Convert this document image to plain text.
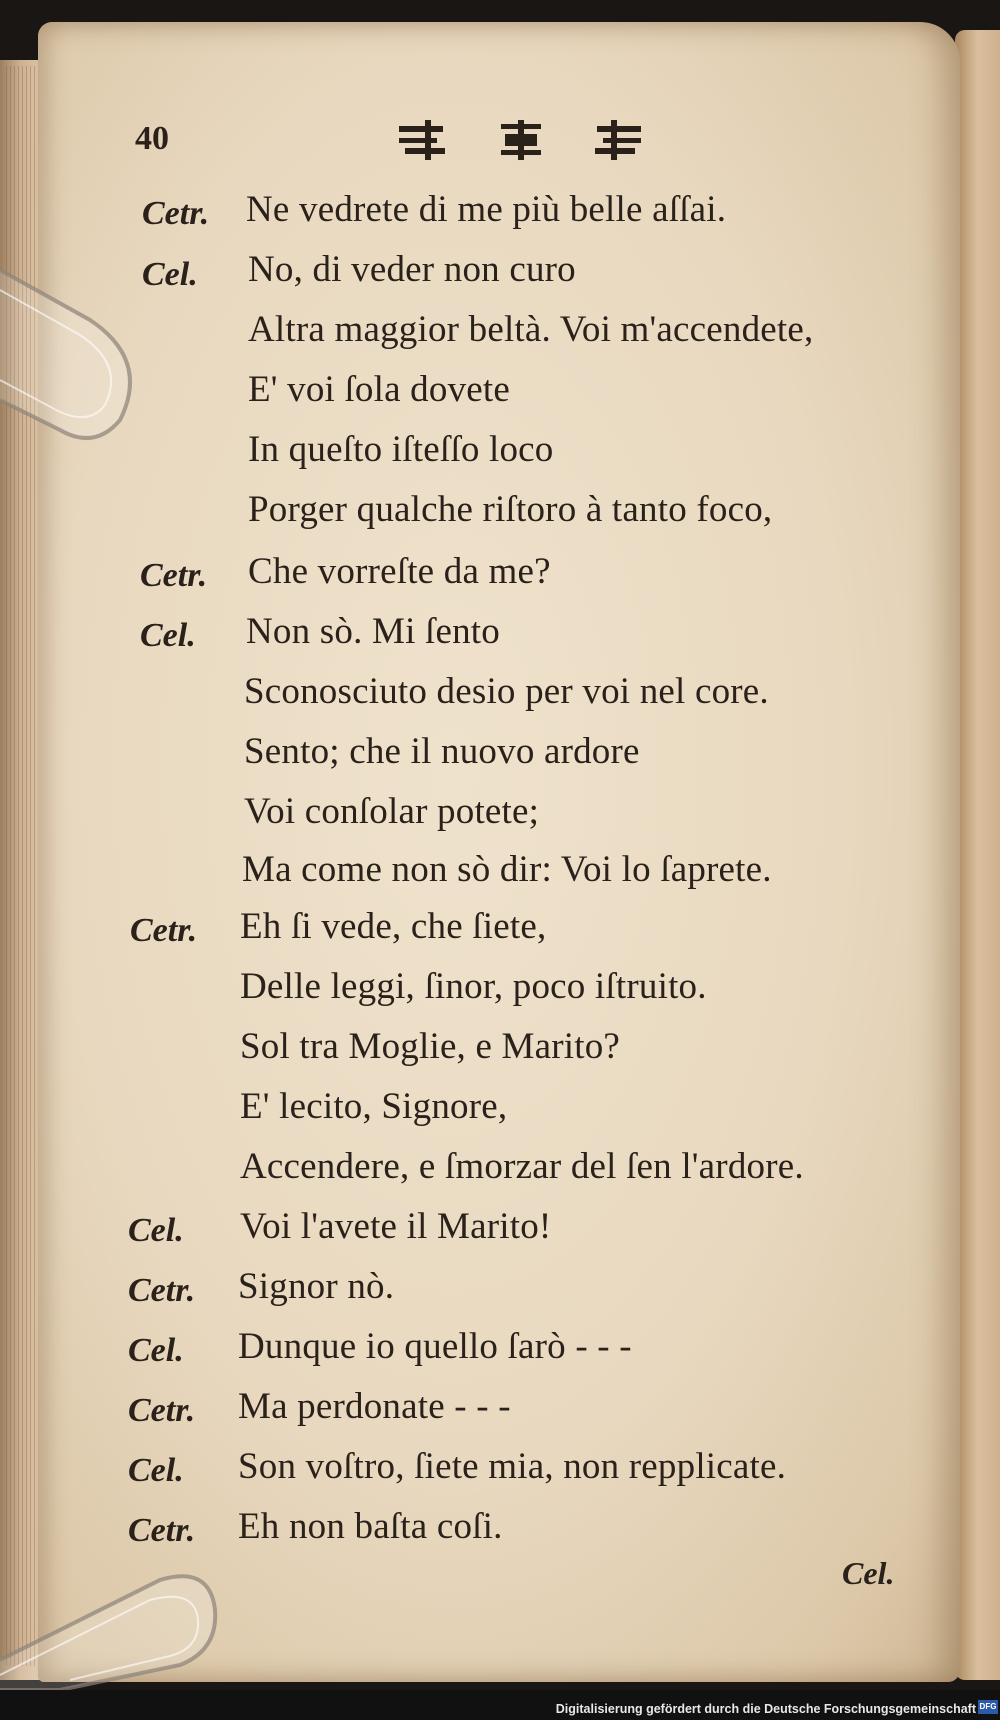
40
Cetr. Ne vedrete di me più belle aſſai.
Cel. No, di veder non curo
Altra maggior beltà. Voi m'accendete,
E' voi ſola dovete
In queſto iſteſſo loco
Porger qualche riſtoro à tanto foco,
Cetr. Che vorreſte da me?
Cel. Non sò. Mi ſento
Sconosciuto desio per voi nel core.
Sento; che il nuovo ardore
Voi conſolar potete;
Ma come non sò dir: Voi lo ſaprete.
Cetr. Eh ſi vede, che ſiete,
Delle leggi, ſinor, poco iſtruito.
Sol tra Moglie, e Marito?
E' lecito, Signore,
Accendere, e ſmorzar del ſen l'ardore.
Cel. Voi l'avete il Marito!
Cetr. Signor nò.
Cel. Dunque io quello ſarò - - -
Cetr. Ma perdonate - - -
Cel. Son voſtro, ſiete mia, non repplicate.
Cetr. Eh non baſta coſi.
Cel.
Digitalisierung gefördert durch die Deutsche Forschungsgemeinschaft DFG
